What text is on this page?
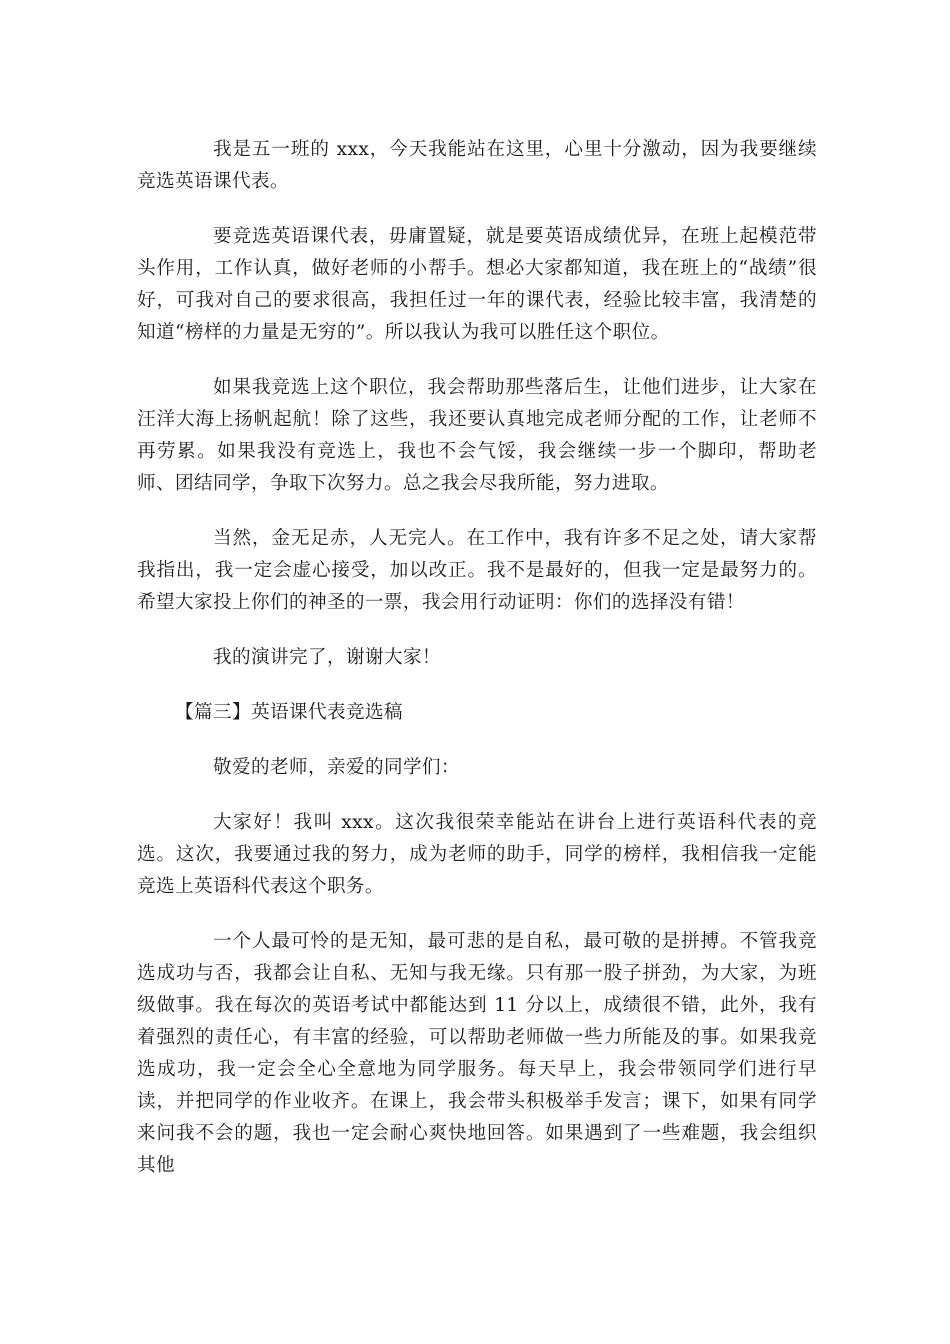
我是五一班的 xxx，今天我能站在这里，心里十分激动，因为我要继续竞选英语课代表。

要竞选英语课代表，毋庸置疑，就是要英语成绩优异，在班上起模范带头作用，工作认真，做好老师的小帮手。想必大家都知道，我在班上的“战绩”很好，可我对自己的要求很高，我担任过一年的课代表，经验比较丰富，我清楚的知道“榜样的力量是无穷的”。所以我认为我可以胜任这个职位。

如果我竞选上这个职位，我会帮助那些落后生，让他们进步，让大家在汪洋大海上扬帆起航！除了这些，我还要认真地完成老师分配的工作，让老师不再劳累。如果我没有竞选上，我也不会气馁，我会继续一步一个脚印，帮助老师、团结同学，争取下次努力。总之我会尽我所能，努力进取。

当然，金无足赤，人无完人。在工作中，我有许多不足之处，请大家帮我指出，我一定会虚心接受，加以改正。我不是最好的，但我一定是最努力的。希望大家投上你们的神圣的一票，我会用行动证明：你们的选择没有错！

我的演讲完了，谢谢大家！

【篇三】英语课代表竞选稿

敬爱的老师，亲爱的同学们：

大家好！我叫 xxx。这次我很荣幸能站在讲台上进行英语科代表的竞选。这次，我要通过我的努力，成为老师的助手，同学的榜样，我相信我一定能竞选上英语科代表这个职务。

一个人最可怜的是无知，最可悲的是自私，最可敬的是拼搏。不管我竞选成功与否，我都会让自私、无知与我无缘。只有那一股子拼劲，为大家，为班级做事。我在每次的英语考试中都能达到 11 分以上，成绩很不错，此外，我有着强烈的责任心，有丰富的经验，可以帮助老师做一些力所能及的事。如果我竞选成功，我一定会全心全意地为同学服务。每天早上，我会带领同学们进行早读，并把同学的作业收齐。在课上，我会带头积极举手发言；课下，如果有同学来问我不会的题，我也一定会耐心爽快地回答。如果遇到了一些难题，我会组织其他
